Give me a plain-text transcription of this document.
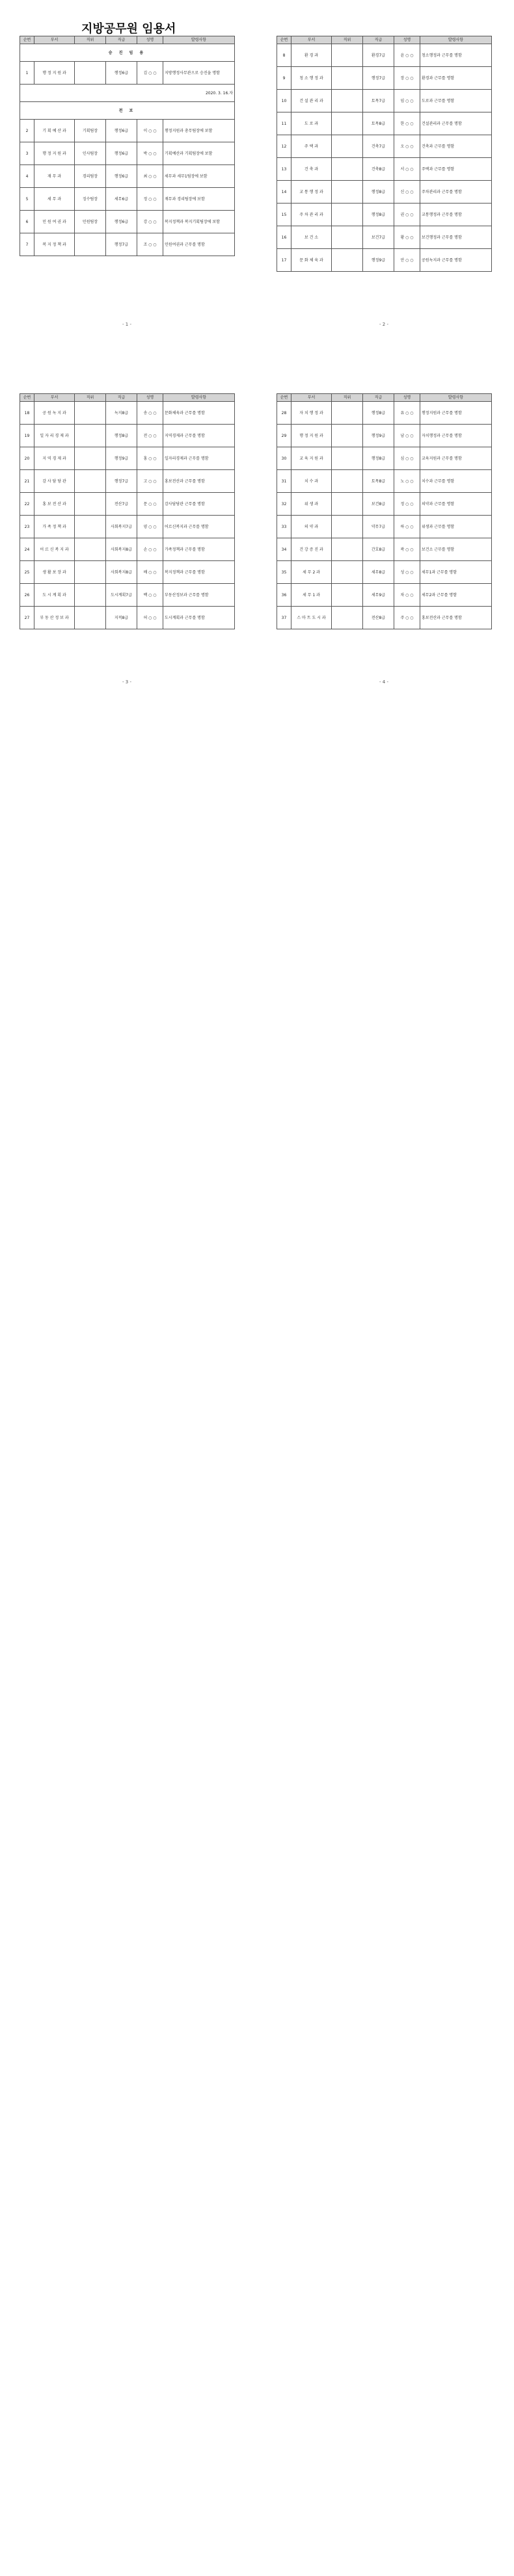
지방공무원 임용서
순번	부서	직위	직급	성명	발령사항
승 진 임 용					
1	행 정 지 원 과		행정6급	김 ○ ○	지방행정사무관으로 승진을 명함
2020. 3. 16.자					
전 보					
2	기 획 예 산 과	기획팀장	행정6급	이 ○ ○	행정지원과 총무팀장에 보함
3	행 정 지 원 과	인사팀장	행정6급	박 ○ ○	기획예산과 기획팀장에 보함
4	재 무 과	경리팀장	행정6급	최 ○ ○	세무과 세무1팀장에 보함
5	세 무 과	징수팀장	세무6급	정 ○ ○	재무과 경리팀장에 보함
6	민 원 여 권 과	민원팀장	행정6급	강 ○ ○	복지정책과 복지기획팀장에 보함
7	복 지 정 책 과		행정7급	조 ○ ○	민원여권과 근무를 명함
- 1 -
순번	부서	직위	직급	성명	발령사항
8	환 경 과		환경7급	윤 ○ ○	청소행정과 근무를 명함
9	청 소 행 정 과		행정7급	장 ○ ○	환경과 근무를 명함
10	건 설 관 리 과		토목7급	임 ○ ○	도로과 근무를 명함
11	도 로 과		토목8급	한 ○ ○	건설관리과 근무를 명함
12	주 택 과		건축7급	오 ○ ○	건축과 근무를 명함
13	건 축 과		건축8급	서 ○ ○	주택과 근무를 명함
14	교 통 행 정 과		행정8급	신 ○ ○	주차관리과 근무를 명함
15	주 차 관 리 과		행정8급	권 ○ ○	교통행정과 근무를 명함
16	보 건 소		보건7급	황 ○ ○	보건행정과 근무를 명함
17	문 화 체 육 과		행정9급	안 ○ ○	공원녹지과 근무를 명함
- 2 -
순번	부서	직위	직급	성명	발령사항
18	공 원 녹 지 과		녹지8급	송 ○ ○	문화체육과 근무를 명함
19	일 자 리 경 제 과		행정8급	전 ○ ○	지역경제과 근무를 명함
20	지 역 경 제 과		행정9급	홍 ○ ○	일자리경제과 근무를 명함
21	감 사 담 당 관		행정7급	고 ○ ○	홍보전산과 근무를 명함
22	홍 보 전 산 과		전산7급	문 ○ ○	감사담당관 근무를 명함
23	가 족 정 책 과		사회복지7급	양 ○ ○	어르신복지과 근무를 명함
24	어 르 신 복 지 과		사회복지8급	손 ○ ○	가족정책과 근무를 명함
25	생 활 보 장 과		사회복지8급	배 ○ ○	복지정책과 근무를 명함
26	도 시 계 획 과		도시계획7급	백 ○ ○	부동산정보과 근무를 명함
27	부 동 산 정 보 과		지적8급	허 ○ ○	도시계획과 근무를 명함
- 3 -
순번	부서	직위	직급	성명	발령사항
28	자 치 행 정 과		행정8급	유 ○ ○	행정지원과 근무를 명함
29	행 정 지 원 과		행정9급	남 ○ ○	자치행정과 근무를 명함
30	교 육 지 원 과		행정8급	심 ○ ○	교육지원과 근무를 명함
31	치 수 과		토목8급	노 ○ ○	치수과 근무를 명함
32	위 생 과		보건8급	정 ○ ○	의약과 근무를 명함
33	의 약 과		약무7급	하 ○ ○	위생과 근무를 명함
34	건 강 증 진 과		간호8급	곽 ○ ○	보건소 근무를 명함
35	세 무 2 과		세무8급	성 ○ ○	세무1과 근무를 명함
36	세 무 1 과		세무9급	차 ○ ○	세무2과 근무를 명함
37	스 마 트 도 시 과		전산8급	주 ○ ○	홍보전산과 근무를 명함
- 4 -
